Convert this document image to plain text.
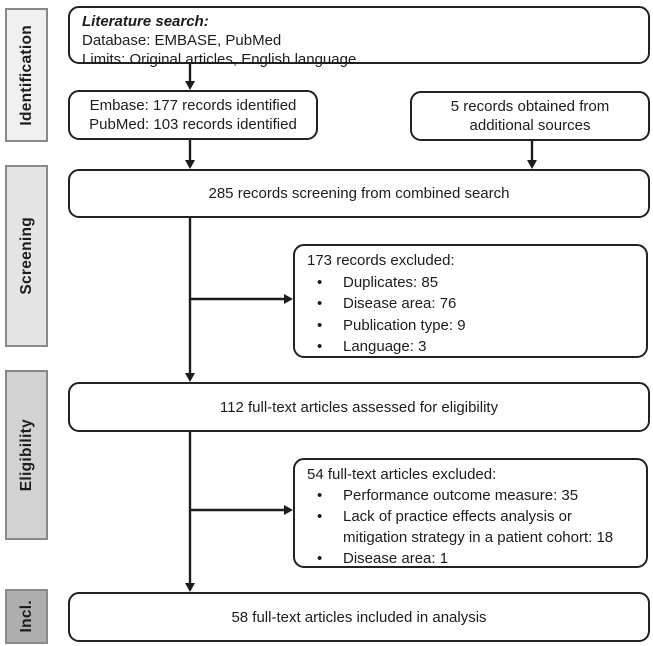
Identification
Screening
Eligibility
Incl.
Literature search:
Database: EMBASE, PubMed
Limits: Original articles, English language
Embase: 177 records identified
PubMed: 103 records identified
5 records obtained from
additional sources
285 records screening from combined search
173 records excluded:
• Duplicates: 85
• Disease area: 76
• Publication type: 9
• Language: 3
112 full-text articles assessed for eligibility
54 full-text articles excluded:
• Performance outcome measure: 35
• Lack of practice effects analysis or mitigation strategy in a patient cohort: 18
• Disease area: 1
58 full-text articles included in analysis
